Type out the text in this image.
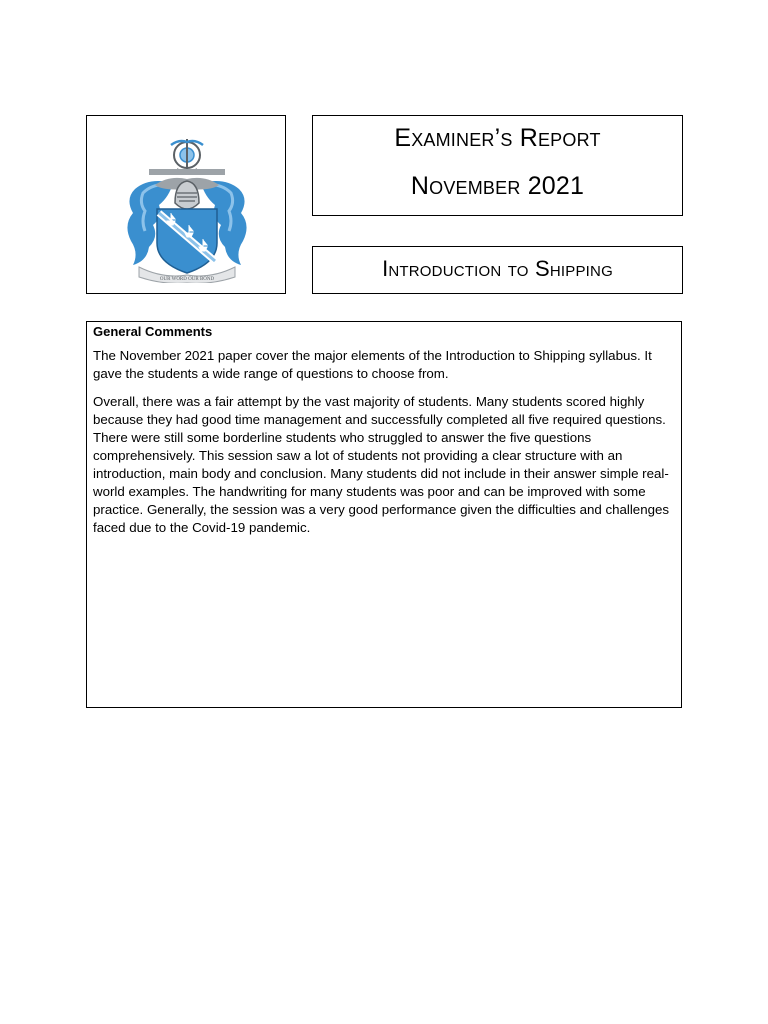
OUR WORD OUR BOND

Examiner’s Report

November 2021

Introduction to Shipping

General Comments

The November 2021 paper cover the major elements of the Introduction to Shipping syllabus. It gave the students a wide range of questions to choose from.

Overall, there was a fair attempt by the vast majority of students. Many students scored highly because they had good time management and successfully completed all five required questions. There were still some borderline students who struggled to answer the five questions comprehensively. This session saw a lot of students not providing a clear structure with an introduction, main body and conclusion. Many students did not include in their answer simple real-world examples. The handwriting for many students was poor and can be improved with some practice. Generally, the session was a very good performance given the difficulties and challenges faced due to the Covid-19 pandemic.
